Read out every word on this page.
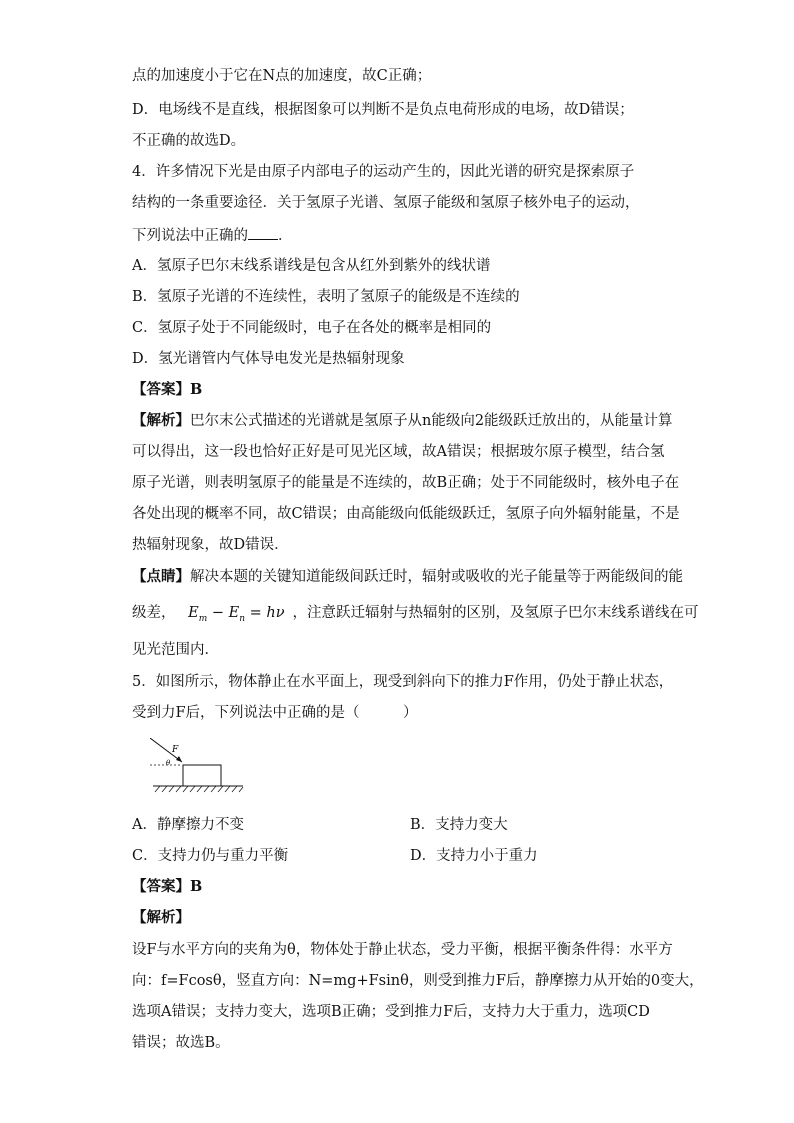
点的加速度小于它在N点的加速度，故C正确；
D．电场线不是直线，根据图象可以判断不是负点电荷形成的电场，故D错误；
不正确的故选D。
4．许多情况下光是由原子内部电子的运动产生的，因此光谱的研究是探索原子
结构的一条重要途径．关于氢原子光谱、氢原子能级和氢原子核外电子的运动，
下列说法中正确的 ．
A．氢原子巴尔末线系谱线是包含从红外到紫外的线状谱
B．氢原子光谱的不连续性，表明了氢原子的能级是不连续的
C．氢原子处于不同能级时，电子在各处的概率是相同的
D．氢光谱管内气体导电发光是热辐射现象
【答案】B
【解析】巴尔末公式描述的光谱就是氢原子从n能级向2能级跃迁放出的，从能量计算
可以得出，这一段也恰好正好是可见光区域，故A错误；根据玻尔原子模型，结合氢
原子光谱，则表明氢原子的能量是不连续的，故B正确；处于不同能级时，核外电子在
各处出现的概率不同，故C错误；由高能级向低能级跃迁，氢原子向外辐射能量，不是
热辐射现象，故D错误．
【点睛】解决本题的关键知道能级间跃迁时，辐射或吸收的光子能量等于两能级间的能
级差， $E_m - E_n = h\nu$ ，注意跃迁辐射与热辐射的区别，及氢原子巴尔末线系谱线在可
见光范围内．
5．如图所示，物体静止在水平面上，现受到斜向下的推力F作用，仍处于静止状态，
受到力F后，下列说法中正确的是（　　　）
F
θ
A．静摩擦力不变	B．支持力变大
C．支持力仍与重力平衡	D．支持力小于重力
【答案】B
【解析】
设F与水平方向的夹角为θ，物体处于静止状态，受力平衡，根据平衡条件得：水平方
向：f=Fcosθ，竖直方向：N=mg+Fsinθ，则受到推力F后，静摩擦力从开始的0变大，
选项A错误；支持力变大，选项B正确；受到推力F后，支持力大于重力，选项CD
错误；故选B。
